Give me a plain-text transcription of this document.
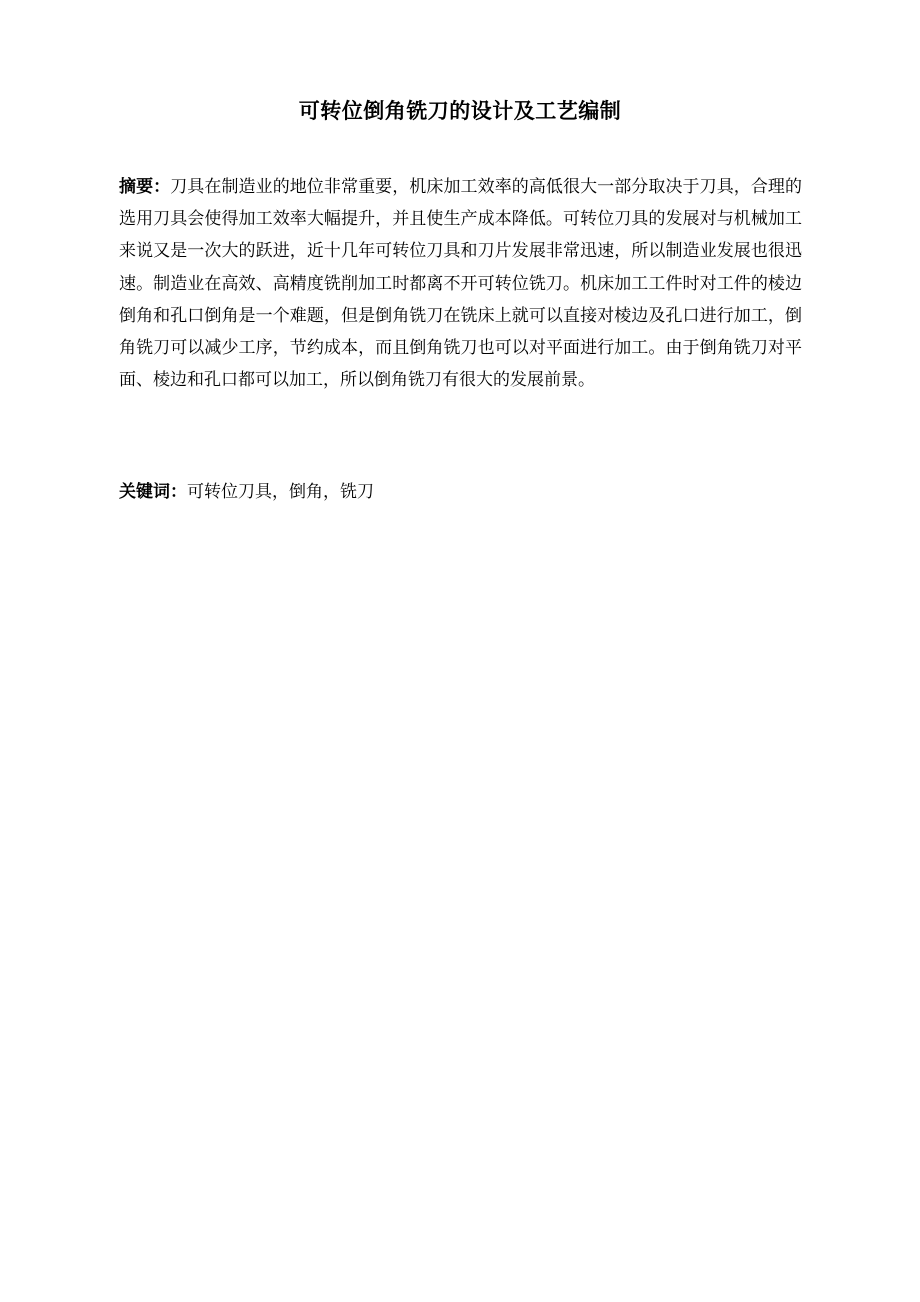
可转位倒角铣刀的设计及工艺编制

摘要：刀具在制造业的地位非常重要，机床加工效率的高低很大一部分取决于刀具，合理的选用刀具会使得加工效率大幅提升，并且使生产成本降低。可转位刀具的发展对与机械加工来说又是一次大的跃进，近十几年可转位刀具和刀片发展非常迅速，所以制造业发展也很迅速。制造业在高效、高精度铣削加工时都离不开可转位铣刀。机床加工工件时对工件的棱边倒角和孔口倒角是一个难题，但是倒角铣刀在铣床上就可以直接对棱边及孔口进行加工，倒角铣刀可以减少工序，节约成本，而且倒角铣刀也可以对平面进行加工。由于倒角铣刀对平面、棱边和孔口都可以加工，所以倒角铣刀有很大的发展前景。

关键词：可转位刀具，倒角，铣刀
